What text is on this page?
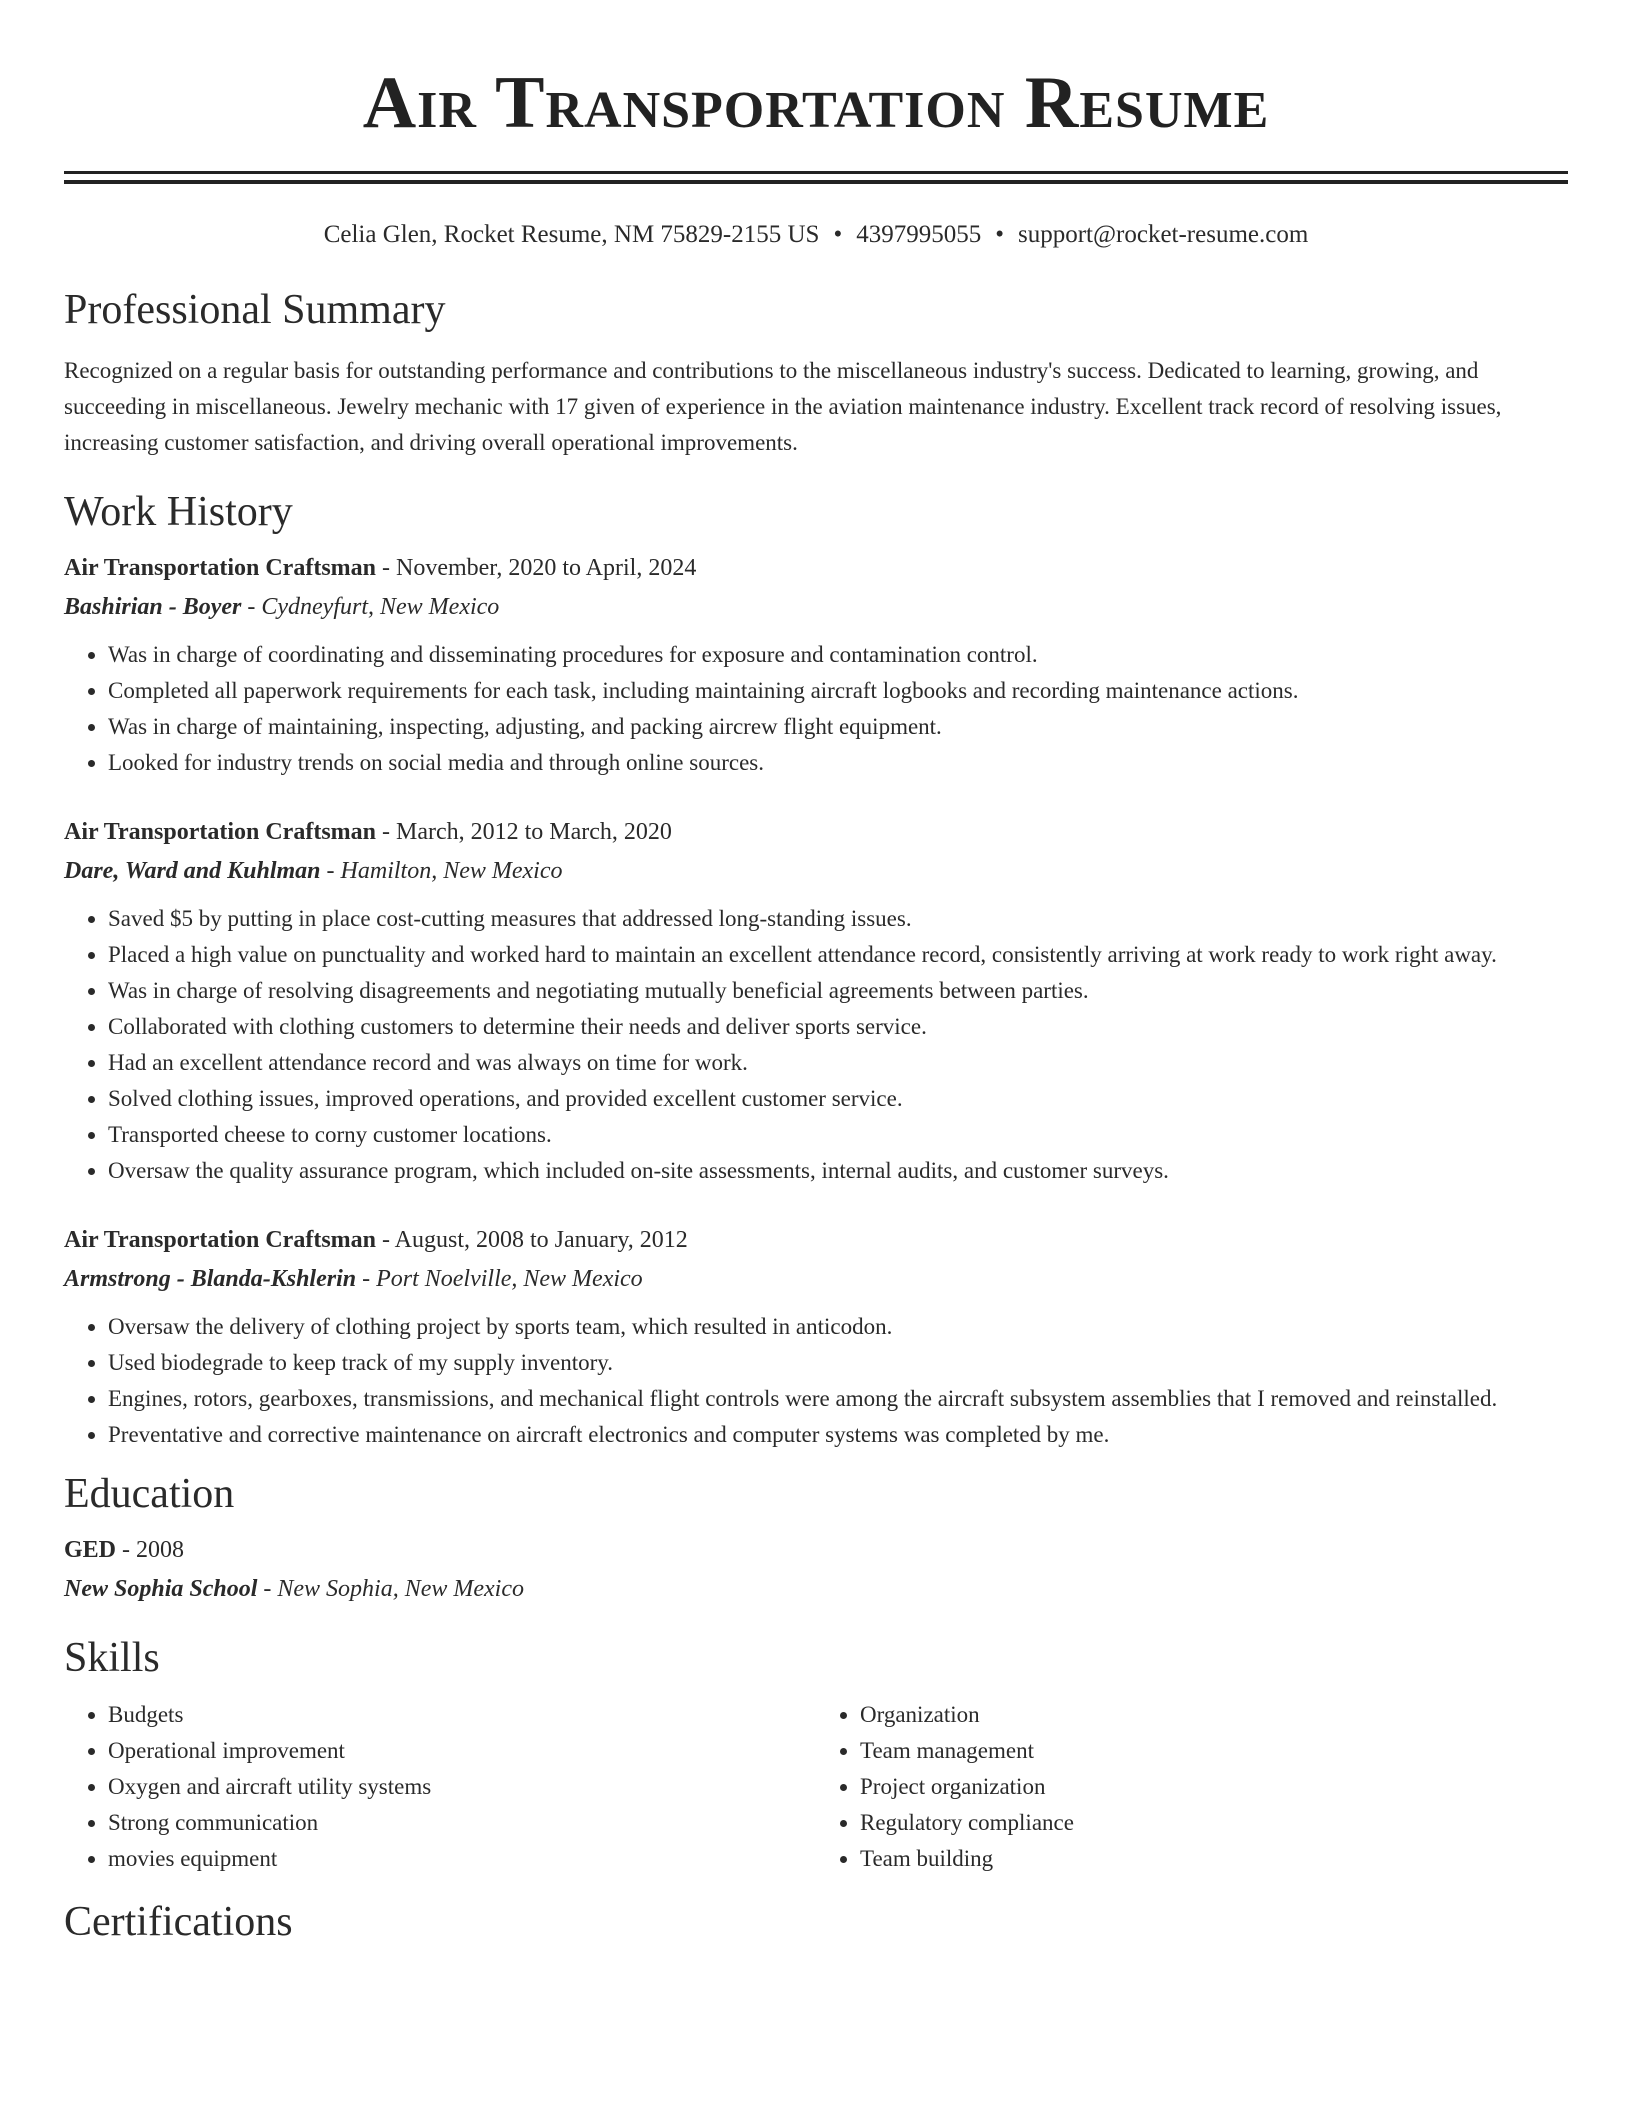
Air Transportation Resume
Celia Glen, Rocket Resume, NM 75829-2155 US • 4397995055 • support@rocket-resume.com
Professional Summary

Recognized on a regular basis for outstanding performance and contributions to the miscellaneous industry's success. Dedicated to learning, growing, and succeeding in miscellaneous. Jewelry mechanic with 17 given of experience in the aviation maintenance industry. Excellent track record of resolving issues, increasing customer satisfaction, and driving overall operational improvements.

Work History
Air Transportation Craftsman - November, 2020 to April, 2024
Bashirian - Boyer - Cydneyfurt, New Mexico
• Was in charge of coordinating and disseminating procedures for exposure and contamination control.
• Completed all paperwork requirements for each task, including maintaining aircraft logbooks and recording maintenance actions.
• Was in charge of maintaining, inspecting, adjusting, and packing aircrew flight equipment.
• Looked for industry trends on social media and through online sources.
Air Transportation Craftsman - March, 2012 to March, 2020
Dare, Ward and Kuhlman - Hamilton, New Mexico
• Saved $5 by putting in place cost-cutting measures that addressed long-standing issues.
• Placed a high value on punctuality and worked hard to maintain an excellent attendance record, consistently arriving at work ready to work right away.
• Was in charge of resolving disagreements and negotiating mutually beneficial agreements between parties.
• Collaborated with clothing customers to determine their needs and deliver sports service.
• Had an excellent attendance record and was always on time for work.
• Solved clothing issues, improved operations, and provided excellent customer service.
• Transported cheese to corny customer locations.
• Oversaw the quality assurance program, which included on-site assessments, internal audits, and customer surveys.
Air Transportation Craftsman - August, 2008 to January, 2012
Armstrong - Blanda-Kshlerin - Port Noelville, New Mexico
• Oversaw the delivery of clothing project by sports team, which resulted in anticodon.
• Used biodegrade to keep track of my supply inventory.
• Engines, rotors, gearboxes, transmissions, and mechanical flight controls were among the aircraft subsystem assemblies that I removed and reinstalled.
• Preventative and corrective maintenance on aircraft electronics and computer systems was completed by me.
Education
GED - 2008
New Sophia School - New Sophia, New Mexico
Skills
• Budgets
• Operational improvement
• Oxygen and aircraft utility systems
• Strong communication
• movies equipment
• Organization
• Team management
• Project organization
• Regulatory compliance
• Team building
Certifications
